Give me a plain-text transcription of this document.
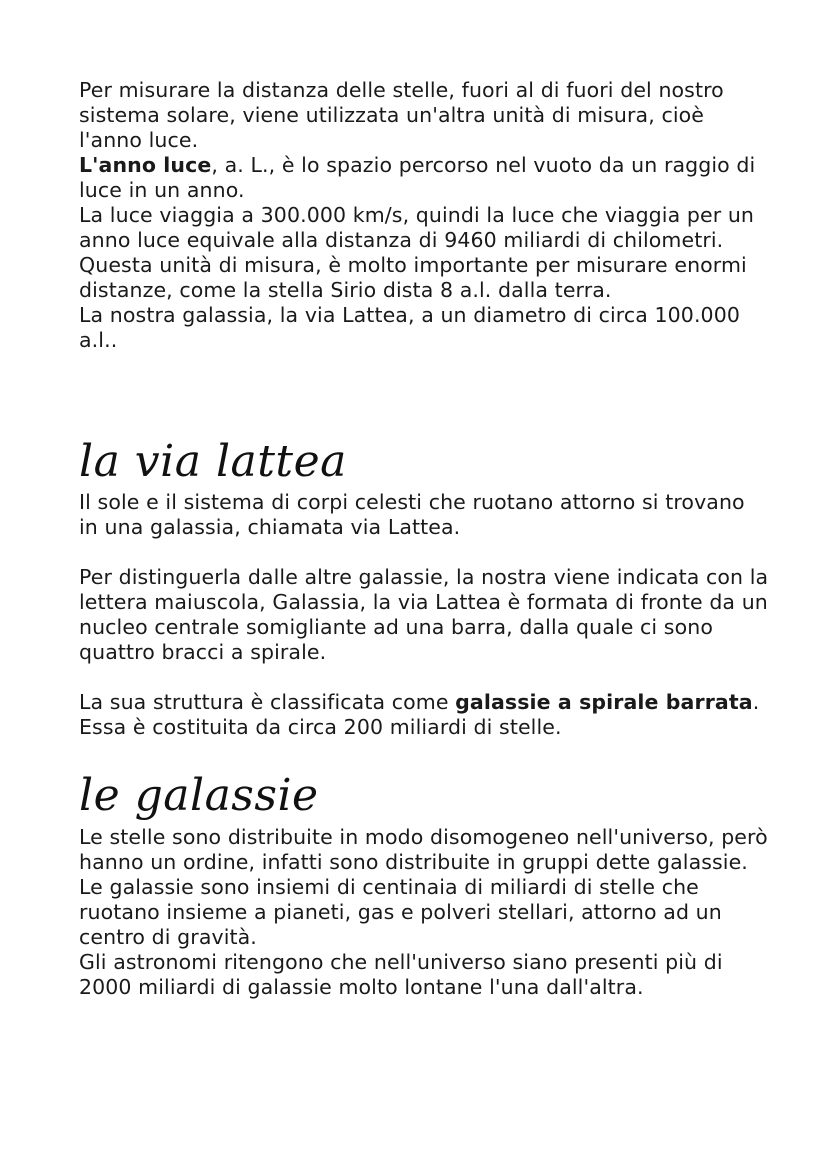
Per misurare la distanza delle stelle, fuori al di fuori del nostro sistema solare, viene utilizzata un'altra unità di misura, cioè l'anno luce.

L'anno luce, a. L., è lo spazio percorso nel vuoto da un raggio di luce in un anno.

La luce viaggia a 300.000 km/s, quindi la luce che viaggia per un anno luce equivale alla distanza di 9460 miliardi di chilometri.

Questa unità di misura, è molto importante per misurare enormi distanze, come la stella Sirio dista 8 a.l. dalla terra.

La nostra galassia, la via Lattea, a un diametro di circa 100.000 a.l..

la via lattea

Il sole e il sistema di corpi celesti che ruotano attorno si trovano in una galassia, chiamata via Lattea.

Per distinguerla dalle altre galassie, la nostra viene indicata con la lettera maiuscola, Galassia, la via Lattea è formata di fronte da un nucleo centrale somigliante ad una barra, dalla quale ci sono quattro bracci a spirale.

La sua struttura è classificata come galassie a spirale barrata. Essa è costituita da circa 200 miliardi di stelle.

le galassie

Le stelle sono distribuite in modo disomogeneo nell'universo, però hanno un ordine, infatti sono distribuite in gruppi dette galassie.

Le galassie sono insiemi di centinaia di miliardi di stelle che ruotano insieme a pianeti, gas e polveri stellari, attorno ad un centro di gravità.

Gli astronomi ritengono che nell'universo siano presenti più di 2000 miliardi di galassie molto lontane l'una dall'altra.
